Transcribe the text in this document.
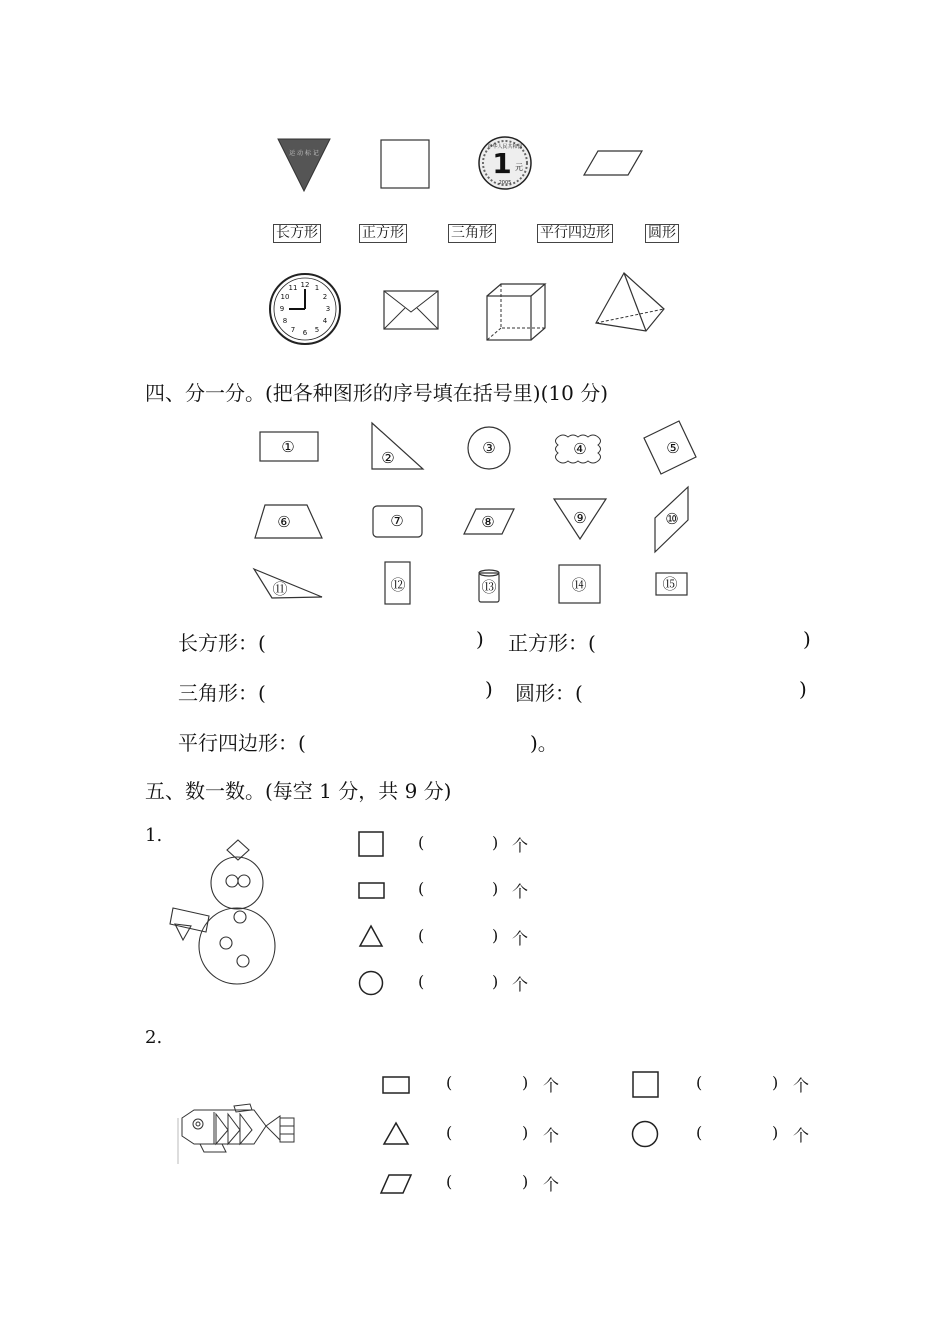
运 动 标 记	1 元
中华人民共和国
2005
长方形	正方形	三角形	平行四边形	圆形
12 1
2
3
4
5
6
7
8
9
10
11
四、分一分。(把各种图形的序号填在括号里)(10 分)
①
②
③	④	⑤
⑥	⑦	⑧	⑨	⑩
⑪	⑫	⑬	⑭	⑮
长方形：(	) 正方形：(	)
三角形：(	) 圆形：(	)
平行四边形：(	)。
五、数一数。(每空 1 分，共 9 分)
1.	(	) 个
(	) 个
(	) 个
(	) 个
2.
(	) 个
(	) 个
(	) 个
(	) 个
(	) 个
